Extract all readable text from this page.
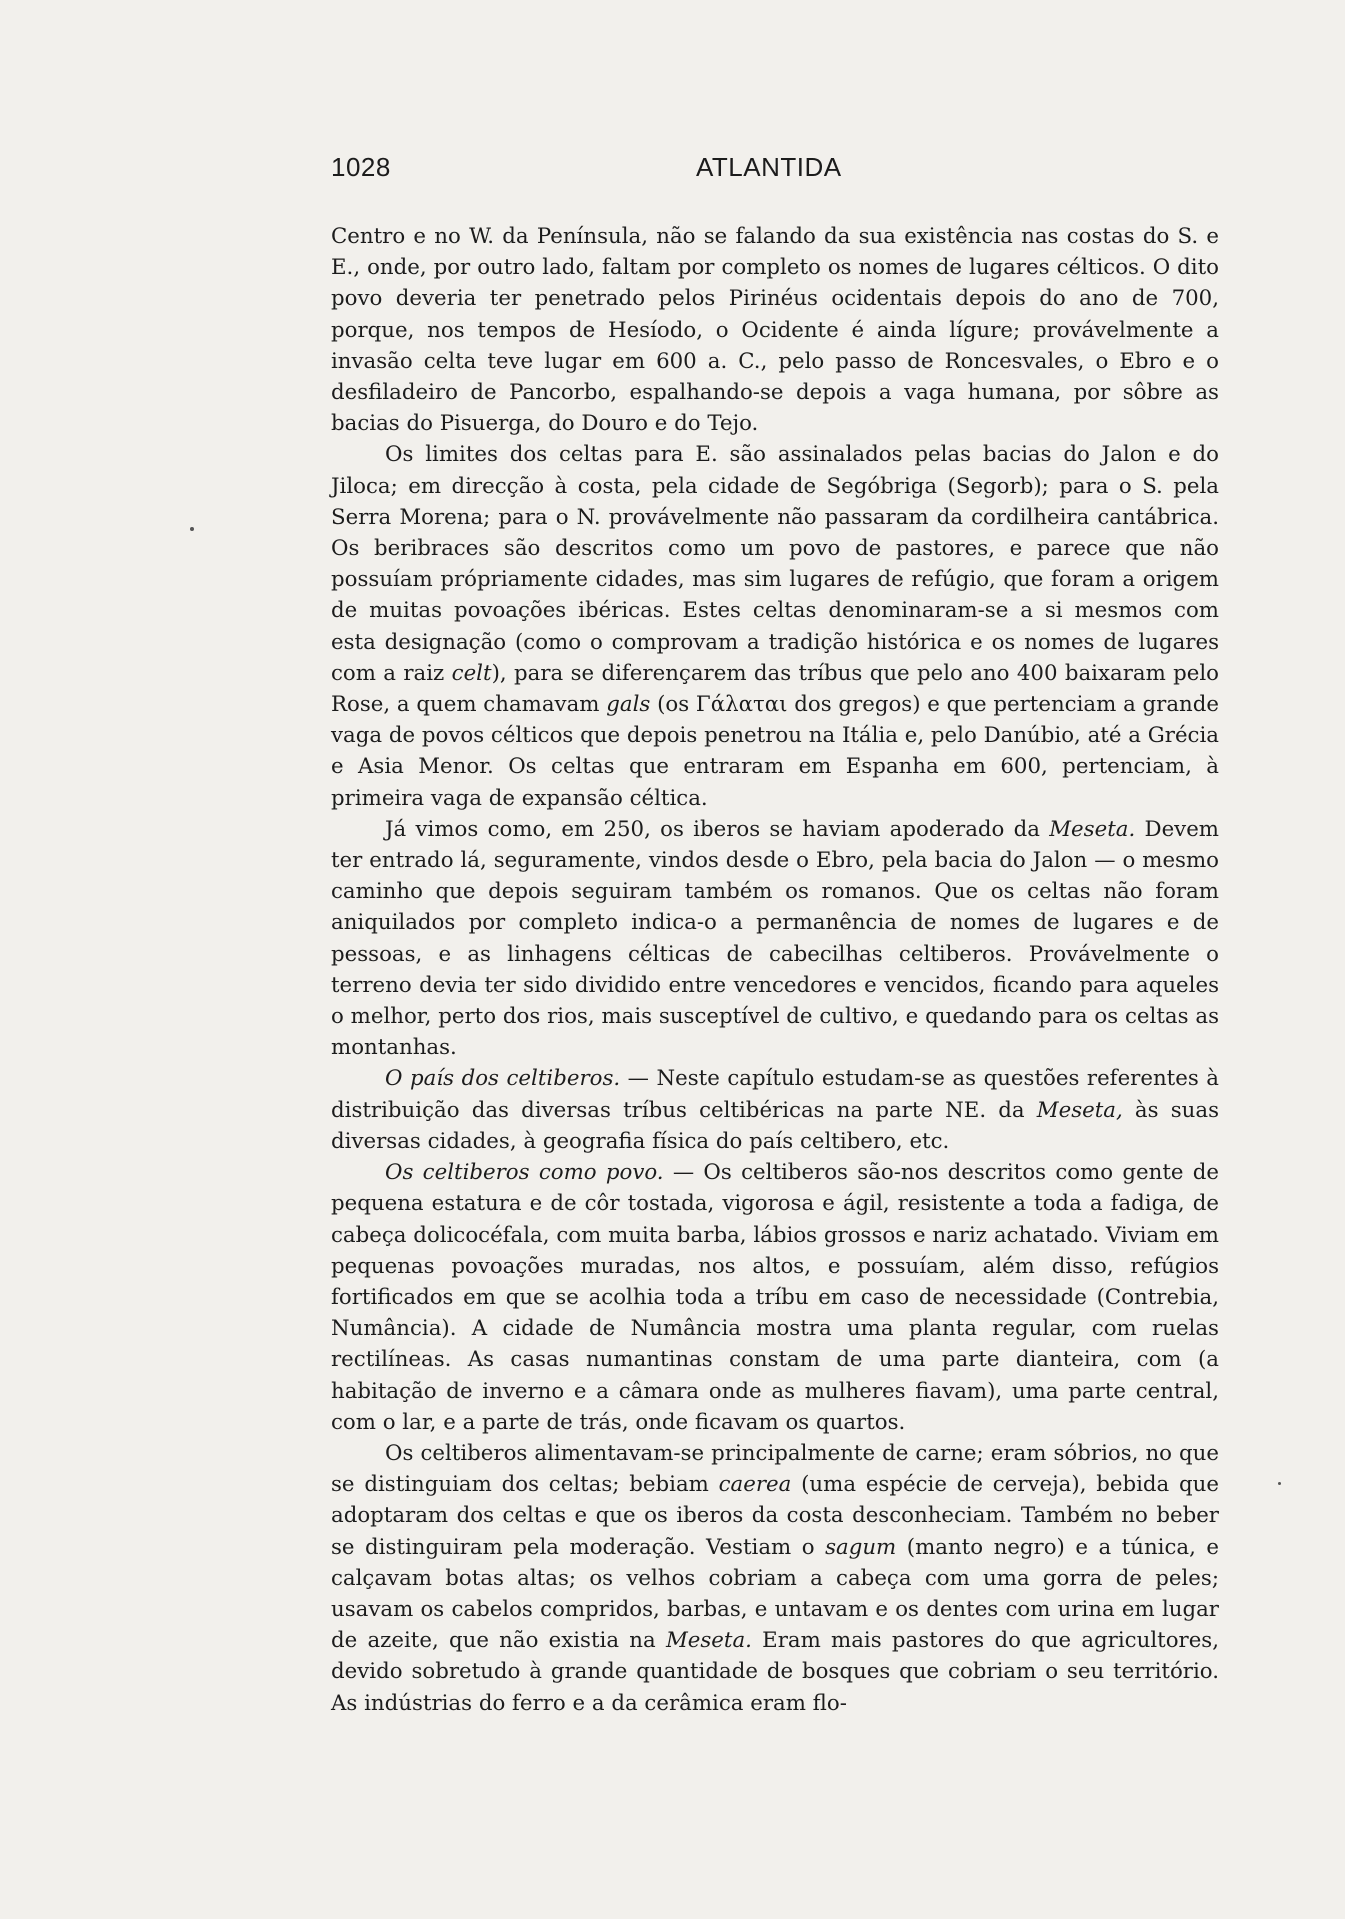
1028	ATLANTIDA

Centro e no W. da Península, não se falando da sua existência nas costas do S. e E., onde, por outro lado, faltam por completo os nomes de lugares célticos. O dito povo deveria ter penetrado pelos Pirinéus ocidentais depois do ano de 700, porque, nos tempos de Hesíodo, o Ocidente é ainda lígure; provávelmente a invasão celta teve lugar em 600 a. C., pelo passo de Roncesvales, o Ebro e o desfiladeiro de Pancorbo, espalhando-se depois a vaga humana, por sôbre as bacias do Pisuerga, do Douro e do Tejo.

Os limites dos celtas para E. são assinalados pelas bacias do Jalon e do Jiloca; em direcção à costa, pela cidade de Segóbriga (Segorb); para o S. pela Serra Morena; para o N. provávelmente não passaram da cordilheira cantábrica. Os beribraces são descritos como um povo de pastores, e parece que não possuíam própriamente cidades, mas sim lugares de refúgio, que foram a origem de muitas povoações ibéricas. Estes celtas denominaram-se a si mesmos com esta designação (como o comprovam a tradição histórica e os nomes de lugares com a raiz celt), para se diferençarem das tríbus que pelo ano 400 baixaram pelo Rose, a quem chamavam gals (os Γάλαται dos gregos) e que pertenciam a grande vaga de povos célticos que depois penetrou na Itália e, pelo Danúbio, até a Grécia e Asia Menor. Os celtas que entraram em Espanha em 600, pertenciam, à primeira vaga de expansão céltica.

Já vimos como, em 250, os iberos se haviam apoderado da Meseta. Devem ter entrado lá, seguramente, vindos desde o Ebro, pela bacia do Jalon — o mesmo caminho que depois seguiram também os romanos. Que os celtas não foram aniquilados por completo indica-o a permanência de nomes de lugares e de pessoas, e as linhagens célticas de cabecilhas celtiberos. Provávelmente o terreno devia ter sido dividido entre vencedores e vencidos, ficando para aqueles o melhor, perto dos rios, mais susceptível de cultivo, e quedando para os celtas as montanhas.

O país dos celtiberos. — Neste capítulo estudam-se as questões referentes à distribuição das diversas tríbus celtibéricas na parte NE. da Meseta, às suas diversas cidades, à geografia física do país celtibero, etc.

Os celtiberos como povo. — Os celtiberos são-nos descritos como gente de pequena estatura e de côr tostada, vigorosa e ágil, resistente a toda a fadiga, de cabeça dolicocéfala, com muita barba, lábios grossos e nariz achatado. Viviam em pequenas povoações muradas, nos altos, e possuíam, além disso, refúgios fortificados em que se acolhia toda a tríbu em caso de necessidade (Contrebia, Numância). A cidade de Numância mostra uma planta regular, com ruelas rectilíneas. As casas numantinas constam de uma parte dianteira, com (a habitação de inverno e a câmara onde as mulheres fiavam), uma parte central, com o lar, e a parte de trás, onde ficavam os quartos.

Os celtiberos alimentavam-se principalmente de carne; eram sóbrios, no que se distinguiam dos celtas; bebiam caerea (uma espécie de cerveja), bebida que adoptaram dos celtas e que os iberos da costa desconheciam. Também no beber se distinguiram pela moderação. Vestiam o sagum (manto negro) e a túnica, e calçavam botas altas; os velhos cobriam a cabeça com uma gorra de peles; usavam os cabelos compridos, barbas, e untavam e os dentes com urina em lugar de azeite, que não existia na Meseta. Eram mais pastores do que agricultores, devido sobretudo à grande quantidade de bosques que cobriam o seu território. As indústrias do ferro e a da cerâmica eram flo-
